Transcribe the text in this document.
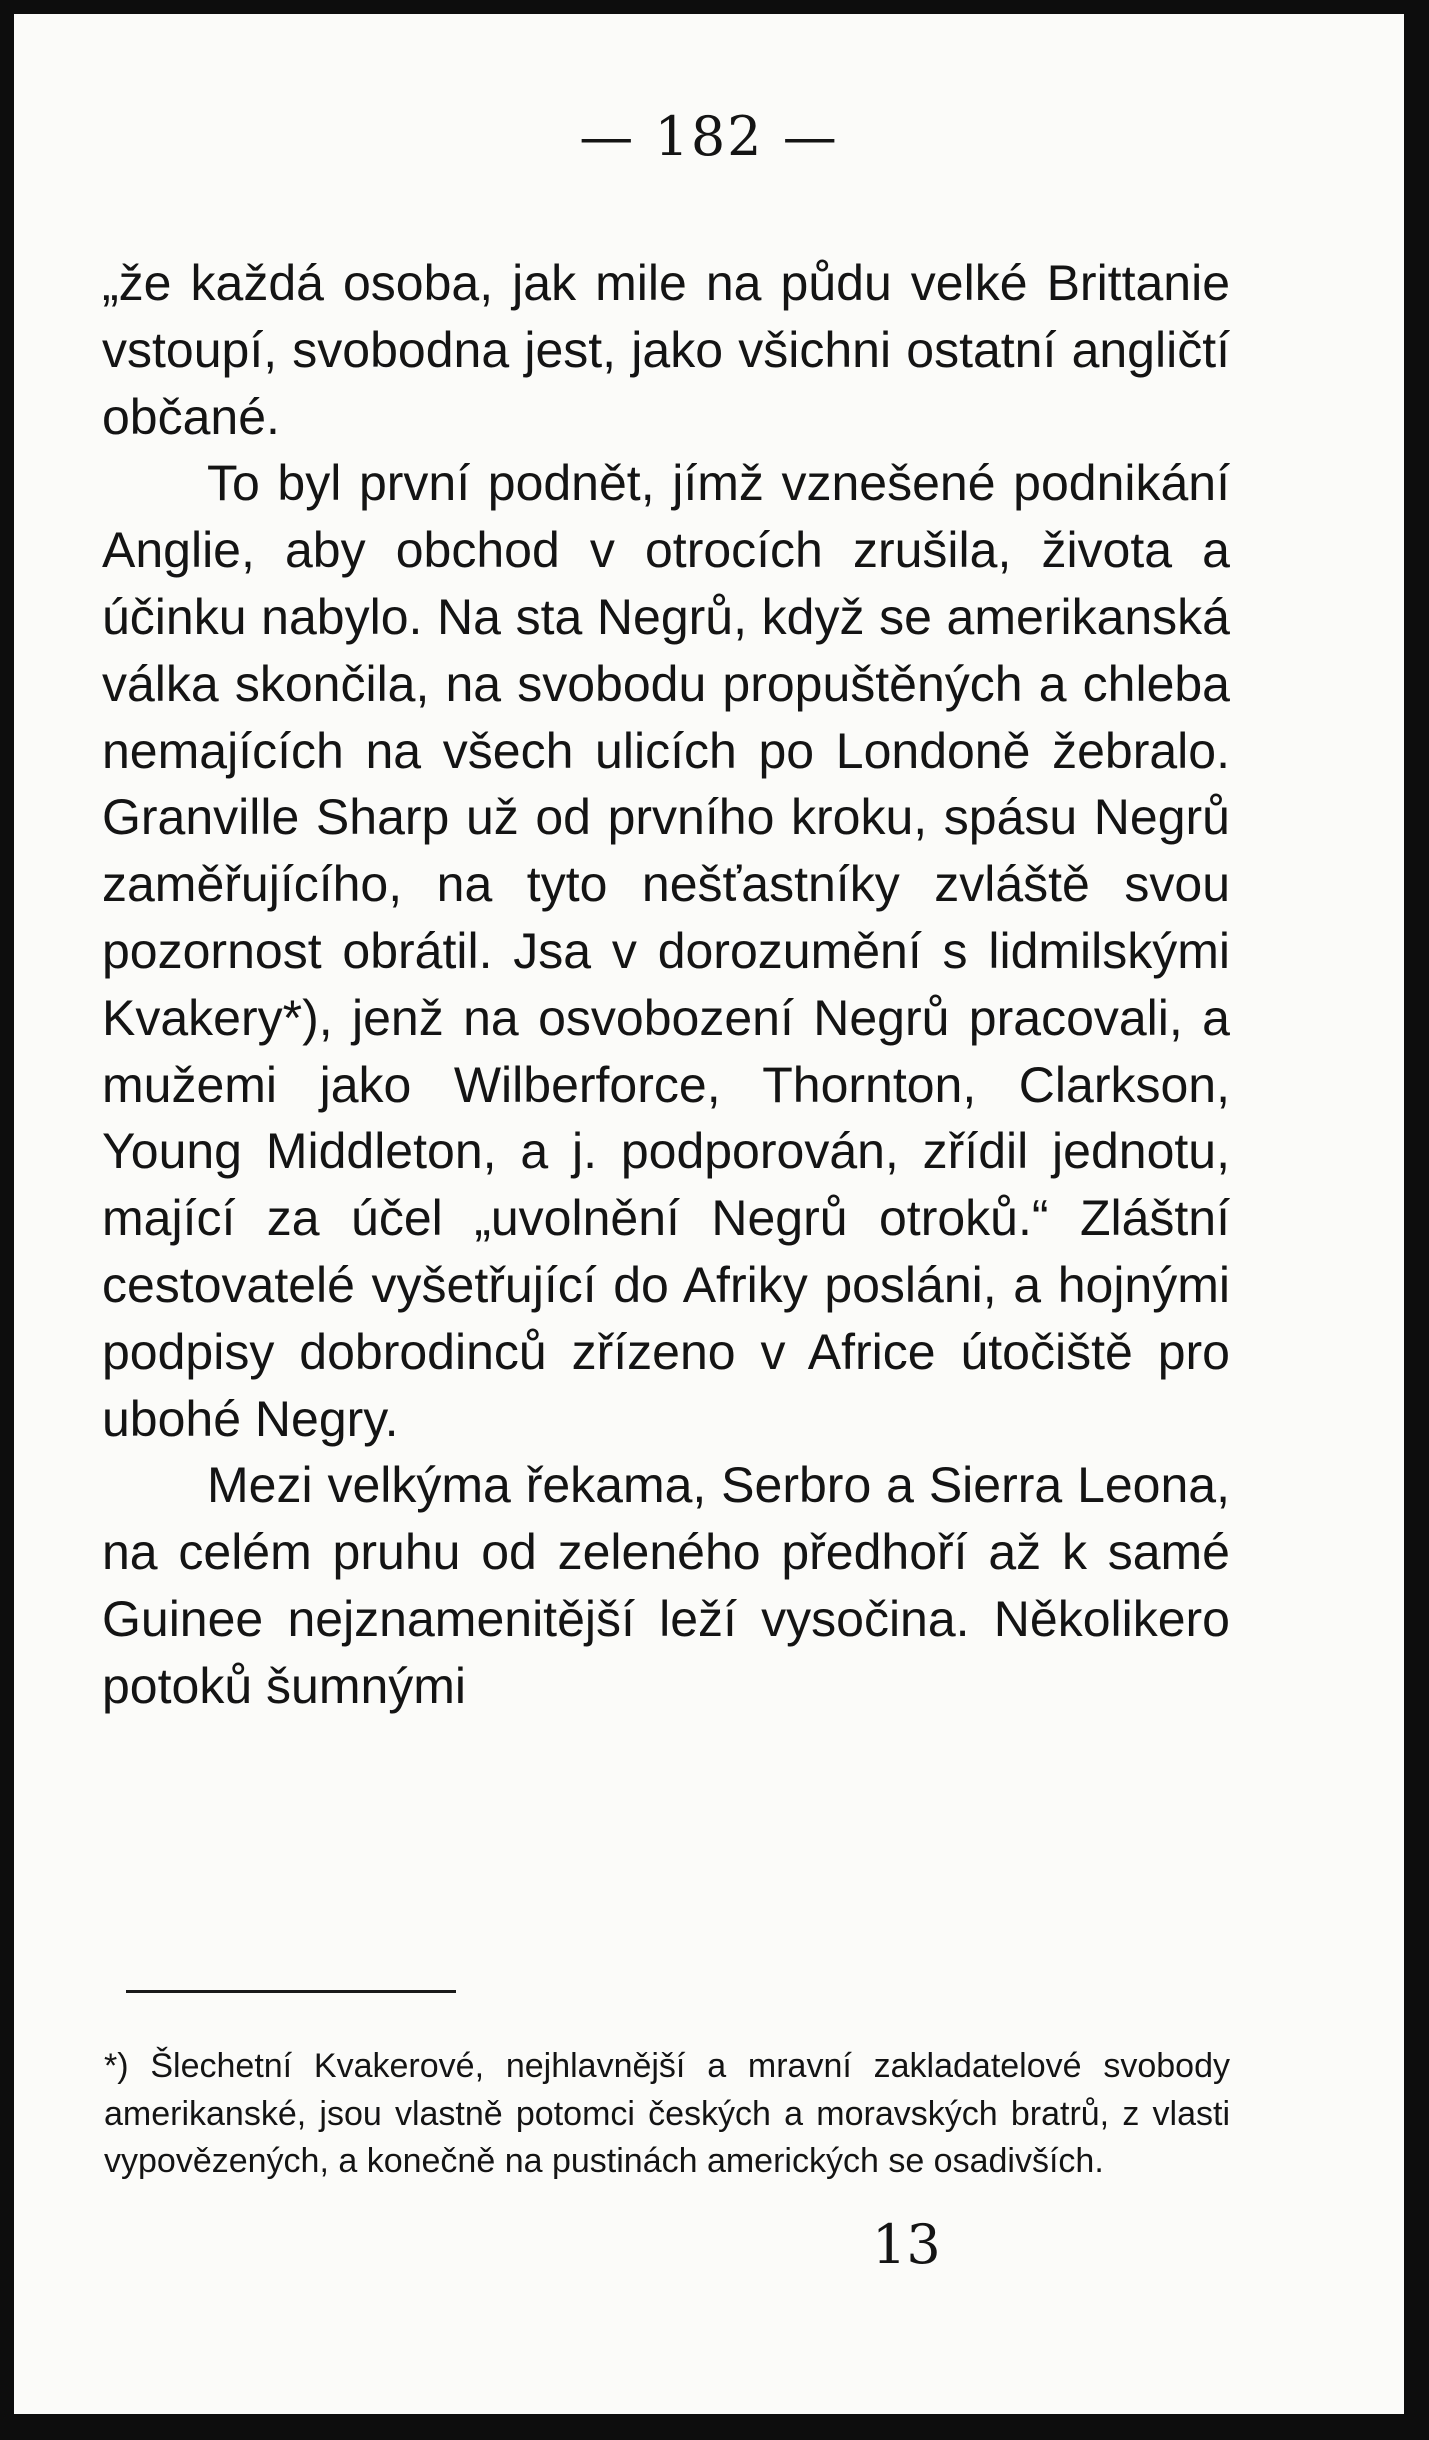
— 182 —

„že každá osoba, jak mile na půdu velké Brittanie vstoupí, svobodna jest, jako všichni ostatní angličtí občané.

To byl první podnět, jímž vznešené podnikání Anglie, aby obchod v otrocích zrušila, života a účinku nabylo. Na sta Negrů, když se amerikanská válka skončila, na svobodu propuštěných a chleba nemajících na všech ulicích po Londoně žebralo. Granville Sharp už od prvního kroku, spásu Negrů zaměřujícího, na tyto nešťastníky zvláště svou pozornost obrátil. Jsa v dorozumění s lidmilskými Kvakery*), jenž na osvobození Negrů pracovali, a mužemi jako Wilberforce, Thornton, Clarkson, Young Middleton, a j. podporován, zřídil jednotu, mající za účel „uvolnění Negrů otroků.“ Zláštní cestovatelé vyšetřující do Afriky posláni, a hojnými podpisy dobrodinců zřízeno v Africe útočiště pro ubohé Negry.

Mezi velkýma řekama, Serbro a Sierra Leona, na celém pruhu od zeleného předhoří až k samé Guinee nejznamenitější leží vysočina. Několikero potoků šumnými

*) Šlechetní Kvakerové, nejhlavnější a mravní zakladatelové svobody amerikanské, jsou vlastně potomci českých a moravských bratrů, z vlasti vypovězených, a konečně na pustinách amerických se osadivších.

13
